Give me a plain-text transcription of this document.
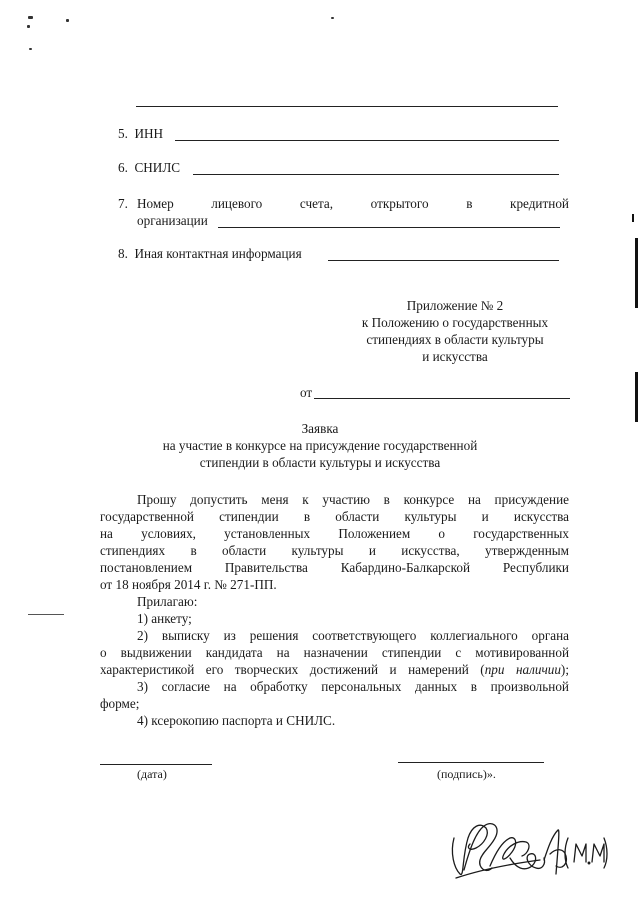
5. ИНН
6. СНИЛС
7. Номер	лицевого	счета,	открытого	в	кредитной
организации
8. Иная контактная информация
Приложение № 2
к Положению о государственных
стипендиях в области культуры
и искусства
от
Заявка
на участие в конкурсе на присуждение государственной
стипендии в области культуры и искусства
Прошу допустить меня к участию в конкурсе на присуждение
государственной стипендии в области культуры и искусства
на условиях, установленных Положением о государственных
стипендиях в области культуры и искусства, утвержденным
постановлением Правительства Кабардино-Балкарской Республики
от 18 ноября 2014 г. № 271-ПП.
Прилагаю:
1) анкету;
2) выписку из решения соответствующего коллегиального органа
о выдвижении кандидата на назначении стипендии с мотивированной
характеристикой его творческих достижений и намерений (при наличии);
3) согласие на обработку персональных данных в произвольной
форме;
4) ксерокопию паспорта и СНИЛС.
(дата)	(подпись)».
